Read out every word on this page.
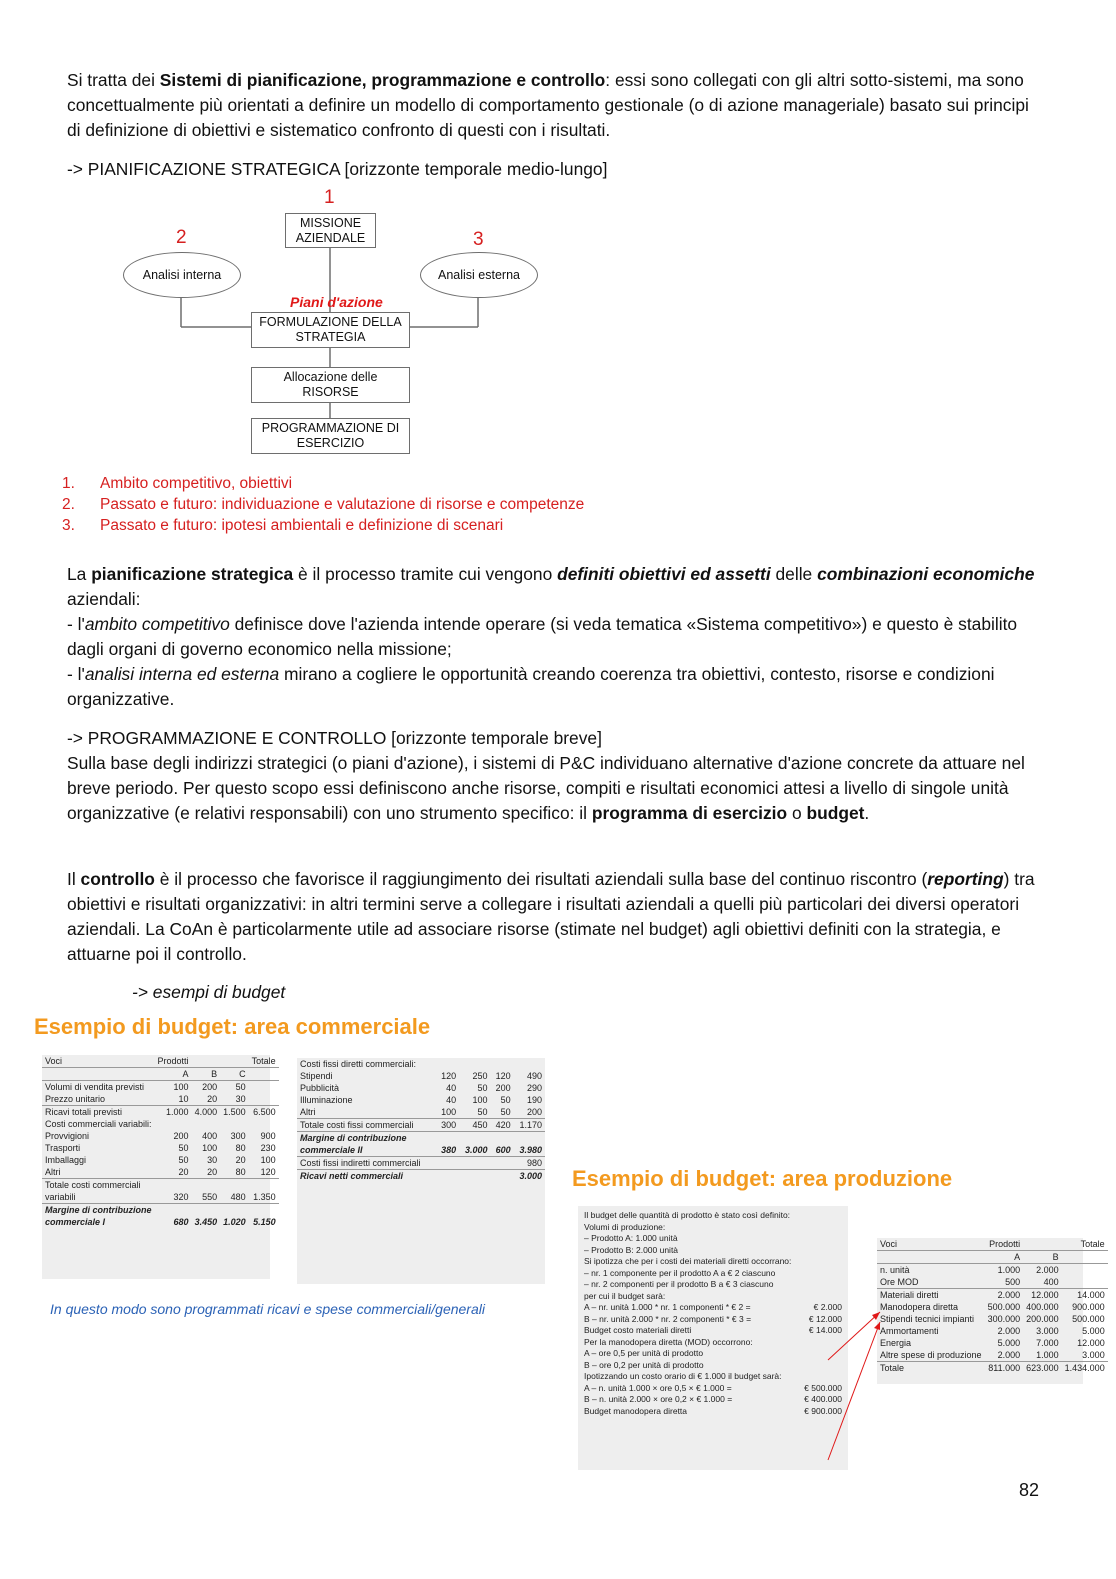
Si tratta dei Sistemi di pianificazione, programmazione e controllo: essi sono collegati con gli altri sotto-sistemi, ma sono concettualmente più orientati a definire un modello di comportamento gestionale (o di azione manageriale) basato sui principi di definizione di obiettivi e sistematico confronto di questi con i risultati.
-> PIANIFICAZIONE STRATEGICA [orizzonte temporale medio-lungo]
1
2	3
MISSIONE
AZIENDALE
Analisi interna	Analisi esterna
Piani d'azione
FORMULAZIONE DELLA
STRATEGIA
Allocazione delle
RISORSE
PROGRAMMAZIONE DI
ESERCIZIO
1.	Ambito competitivo, obiettivi
2.	Passato e futuro: individuazione e valutazione di risorse e competenze
3.	Passato e futuro: ipotesi ambientali e definizione di scenari
La pianificazione strategica è il processo tramite cui vengono definiti obiettivi ed assetti delle combinazioni economiche aziendali:
- l'ambito competitivo definisce dove l'azienda intende operare (si veda tematica «Sistema competitivo») e questo è stabilito dagli organi di governo economico nella missione;
- l'analisi interna ed esterna mirano a cogliere le opportunità creando coerenza tra obiettivi, contesto, risorse e condizioni organizzative.
-> PROGRAMMAZIONE E CONTROLLO [orizzonte temporale breve]
Sulla base degli indirizzi strategici (o piani d'azione), i sistemi di P&C individuano alternative d'azione concrete da attuare nel breve periodo. Per questo scopo essi definiscono anche risorse, compiti e risultati economici attesi a livello di singole unità organizzative (e relativi responsabili) con uno strumento specifico: il programma di esercizio o budget.
Il controllo è il processo che favorisce il raggiungimento dei risultati aziendali sulla base del continuo riscontro (reporting) tra obiettivi e risultati organizzativi: in altri termini serve a collegare i risultati aziendali a quelli più particolari dei diversi operatori aziendali. La CoAn è particolarmente utile ad associare risorse (stimate nel budget) agli obiettivi definiti con la strategia, e attuarne poi il controllo.
-> esempi di budget
Esempio di budget: area commerciale
Voci	Prodotti			Totale
	A	B	C	
Volumi di vendita previsti	100	200	50	
Prezzo unitario	10	20	30	
Ricavi totali previsti	1.000	4.000	1.500	6.500
Costi commerciali variabili:				
Provvigioni	200	400	300	900
Trasporti	50	100	80	230
Imballaggi	50	30	20	100
Altri	20	20	80	120
Totale costi commerciali				
variabili	320	550	480	1.350
Margine di contribuzione				
commerciale I	680	3.450	1.020	5.150
Costi fissi diretti commerciali:				
Stipendi	120	250	120	490
Pubblicità	40	50	200	290
Illuminazione	40	100	50	190
Altri	100	50	50	200
Totale costi fissi commerciali	300	450	420	1.170
Margine di contribuzione				
commerciale II	380	3.000	600	3.980
Costi fissi indiretti commerciali				980
Ricavi netti commerciali				3.000
In questo modo sono programmati ricavi e spese commerciali/generali
Esempio di budget: area produzione
Il budget delle quantità di prodotto è stato così definito:
Volumi di produzione:
– Prodotto A: 1.000 unità
– Prodotto B: 2.000 unità
Si ipotizza che per i costi dei materiali diretti occorrano:
– nr. 1 componente per il prodotto A a € 2 ciascuno
– nr. 2 componenti per il prodotto B a € 3 ciascuno
per cui il budget sarà:
A – nr. unità 1.000 * nr. 1 componenti * € 2 =	€ 2.000
B – nr. unità 2.000 * nr. 2 componenti * € 3 =	€ 12.000
Budget costo materiali diretti	€ 14.000
Per la manodopera diretta (MOD) occorrono:
A – ore 0,5 per unità di prodotto
B – ore 0,2 per unità di prodotto
Ipotizzando un costo orario di € 1.000 il budget sarà:
A – n. unità 1.000 × ore 0,5 × € 1.000 =	€ 500.000
B – n. unità 2.000 × ore 0,2 × € 1.000 =	€ 400.000
Budget manodopera diretta	€ 900.000
Voci	Prodotti		Totale
	A	B	
n. unità	1.000	2.000	
Ore MOD	500	400	
Materiali diretti	2.000	12.000	14.000
Manodopera diretta	500.000	400.000	900.000
Stipendi tecnici impianti	300.000	200.000	500.000
Ammortamenti	2.000	3.000	5.000
Energia	5.000	7.000	12.000
Altre spese di produzione	2.000	1.000	3.000
Totale	811.000	623.000	1.434.000
82
